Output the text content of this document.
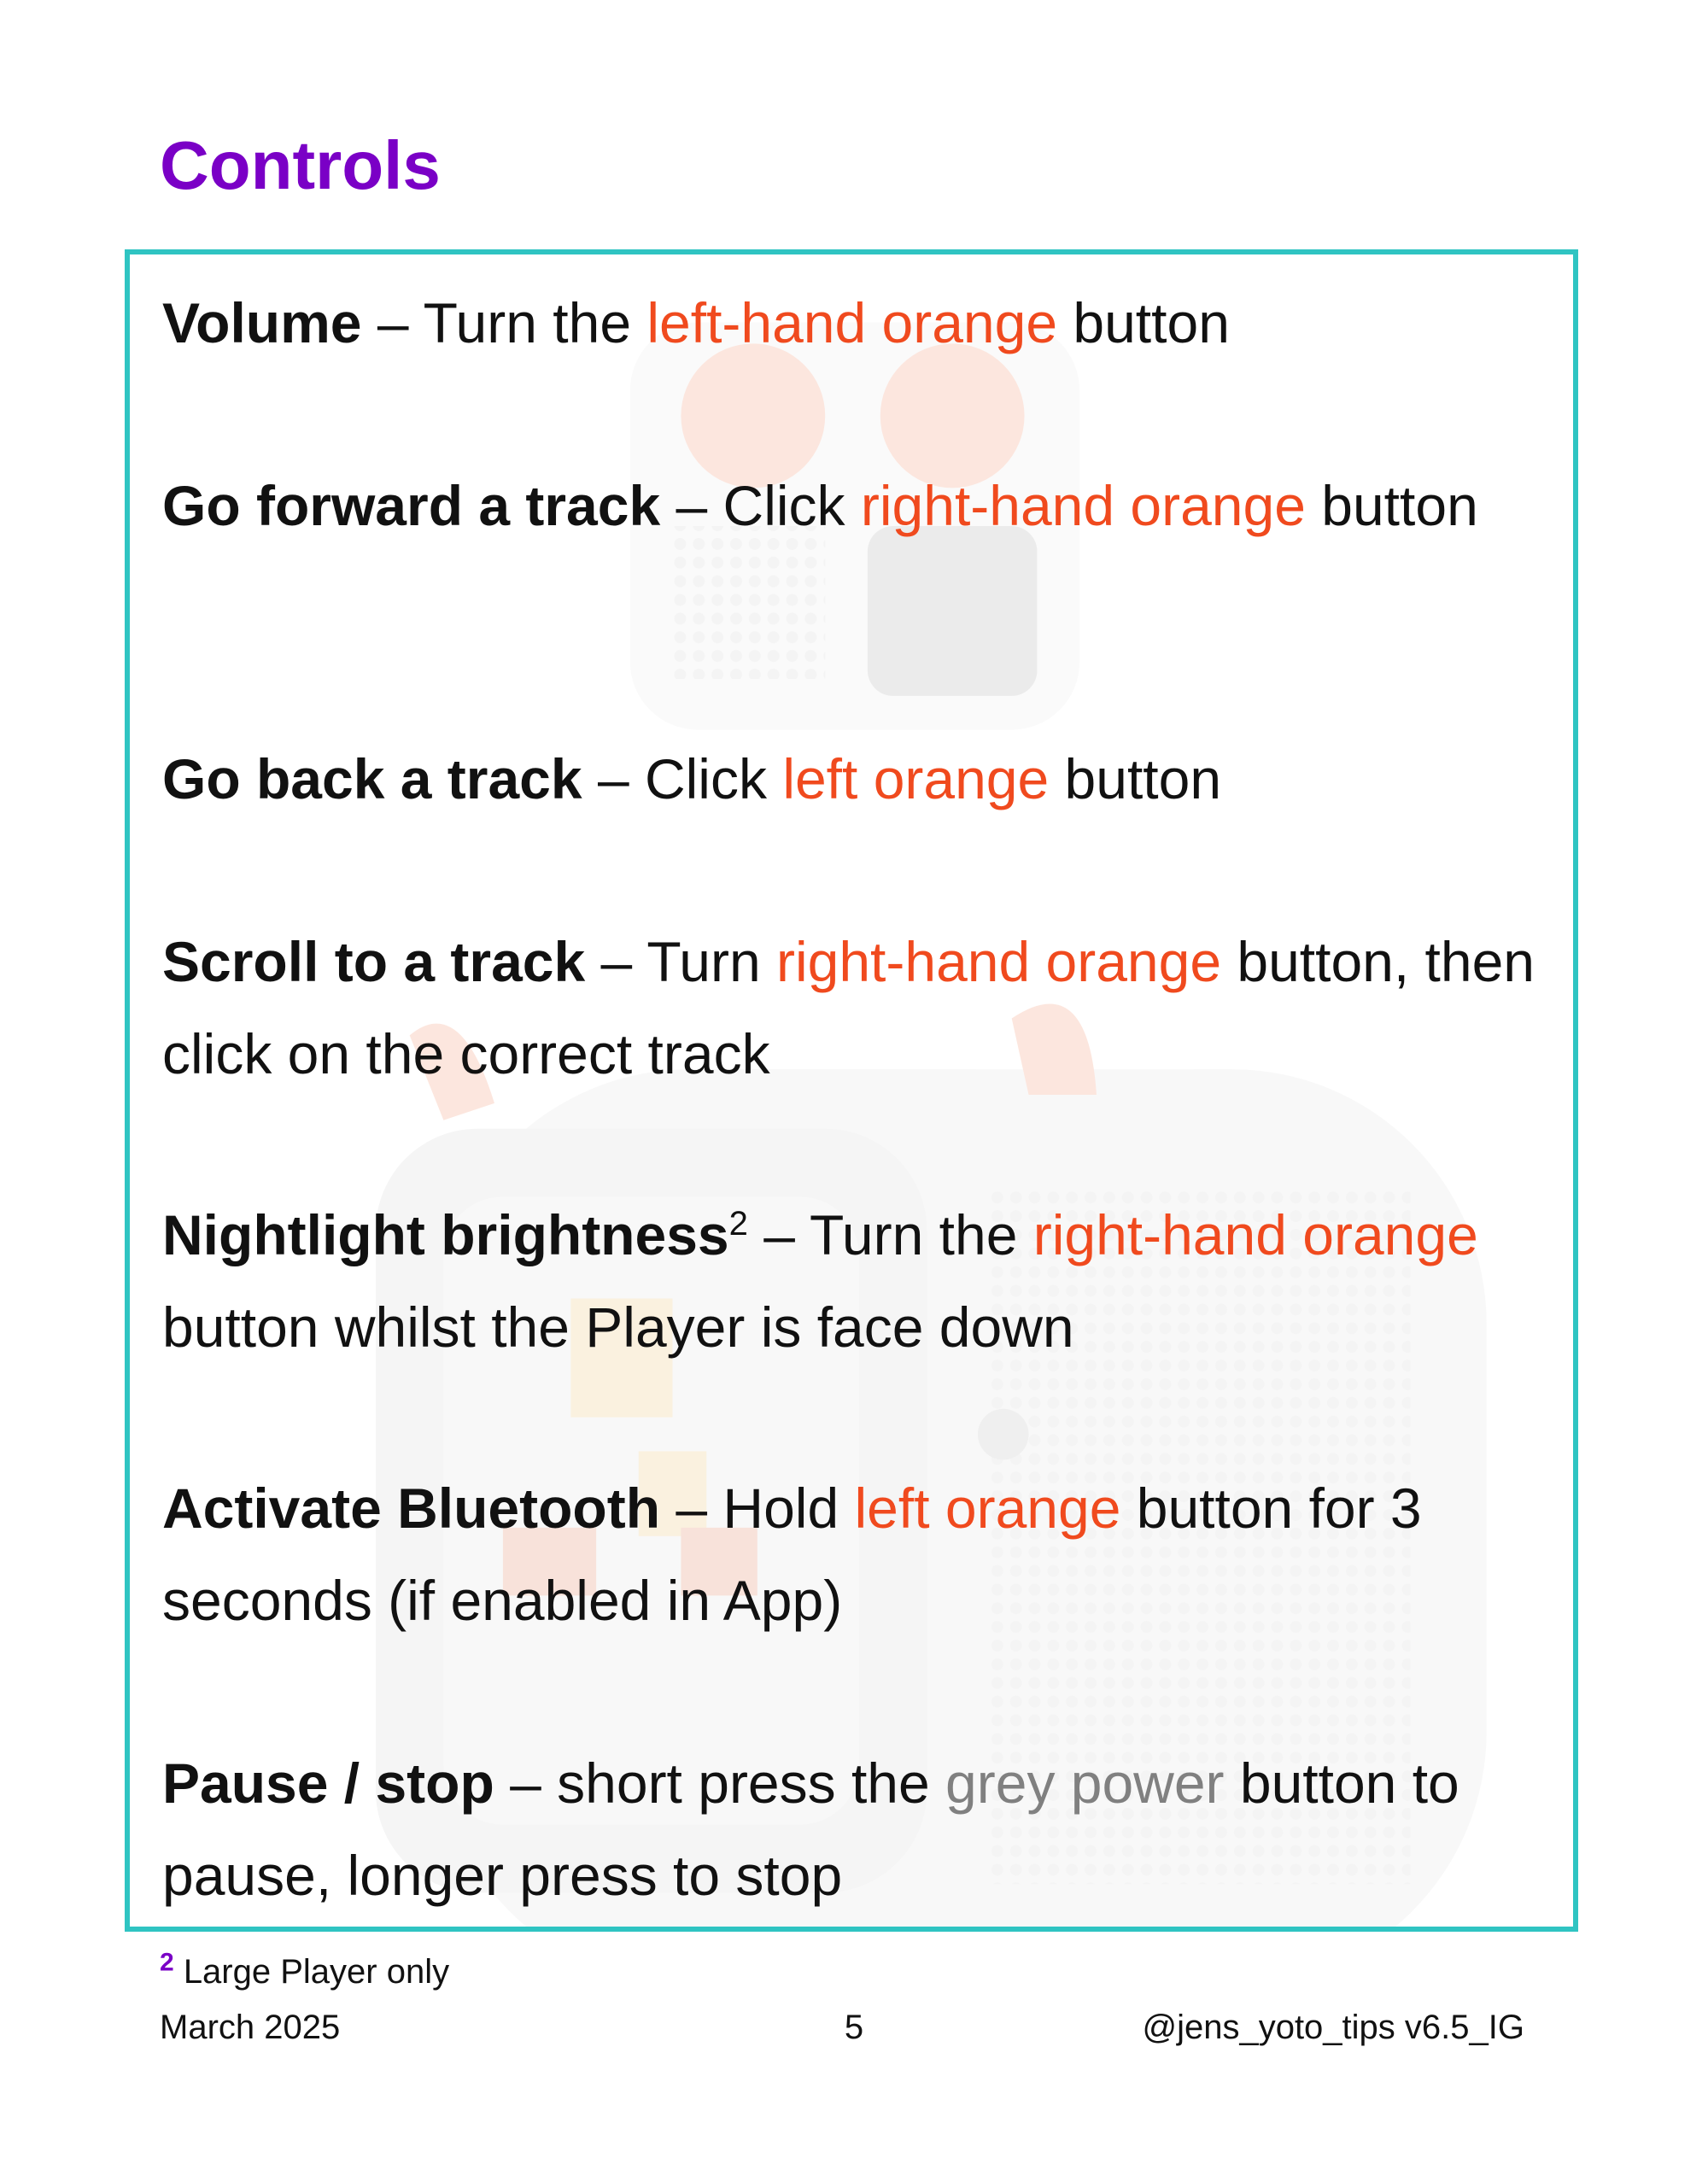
Controls

Volume – Turn the left-hand orange button

Go forward a track – Click right-hand orange button

Go back a track – Click left orange button

Scroll to a track – Turn right-hand orange button, then click on the correct track

Nightlight brightness$^2$ – Turn the right-hand orange button whilst the Player is face down

Activate Bluetooth – Hold left orange button for 3 seconds (if enabled in App)

Pause / stop – short press the grey power button to pause, longer press to stop

$^2$ Large Player only

March 2025	5	@jens_yoto_tips v6.5_IG
